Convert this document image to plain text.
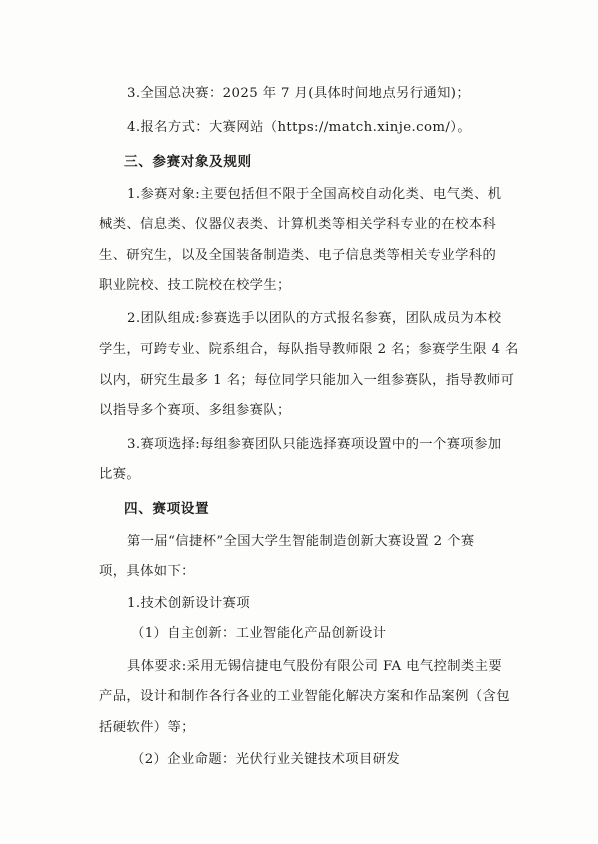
3.全国总决赛：2025 年 7 月(具体时间地点另行通知)；
4.报名方式：大赛网站（https://match.xinje.com/）。
三、参赛对象及规则
1.参赛对象:主要包括但不限于全国高校自动化类、电气类、机
械类、信息类、仪器仪表类、计算机类等相关学科专业的在校本科
生、研究生，以及全国装备制造类、电子信息类等相关专业学科的
职业院校、技工院校在校学生；
2.团队组成:参赛选手以团队的方式报名参赛，团队成员为本校
学生，可跨专业、院系组合，每队指导教师限 2 名；参赛学生限 4 名
以内，研究生最多 1 名；每位同学只能加入一组参赛队，指导教师可
以指导多个赛项、多组参赛队；
3.赛项选择:每组参赛团队只能选择赛项设置中的一个赛项参加
比赛。
四、赛项设置
第一届“信捷杯”全国大学生智能制造创新大赛设置 2 个赛
项，具体如下：
1.技术创新设计赛项
（1）自主创新：工业智能化产品创新设计
具体要求:采用无锡信捷电气股份有限公司 FA 电气控制类主要
产品，设计和制作各行各业的工业智能化解决方案和作品案例（含包
括硬软件）等；
（2）企业命题：光伏行业关键技术项目研发
